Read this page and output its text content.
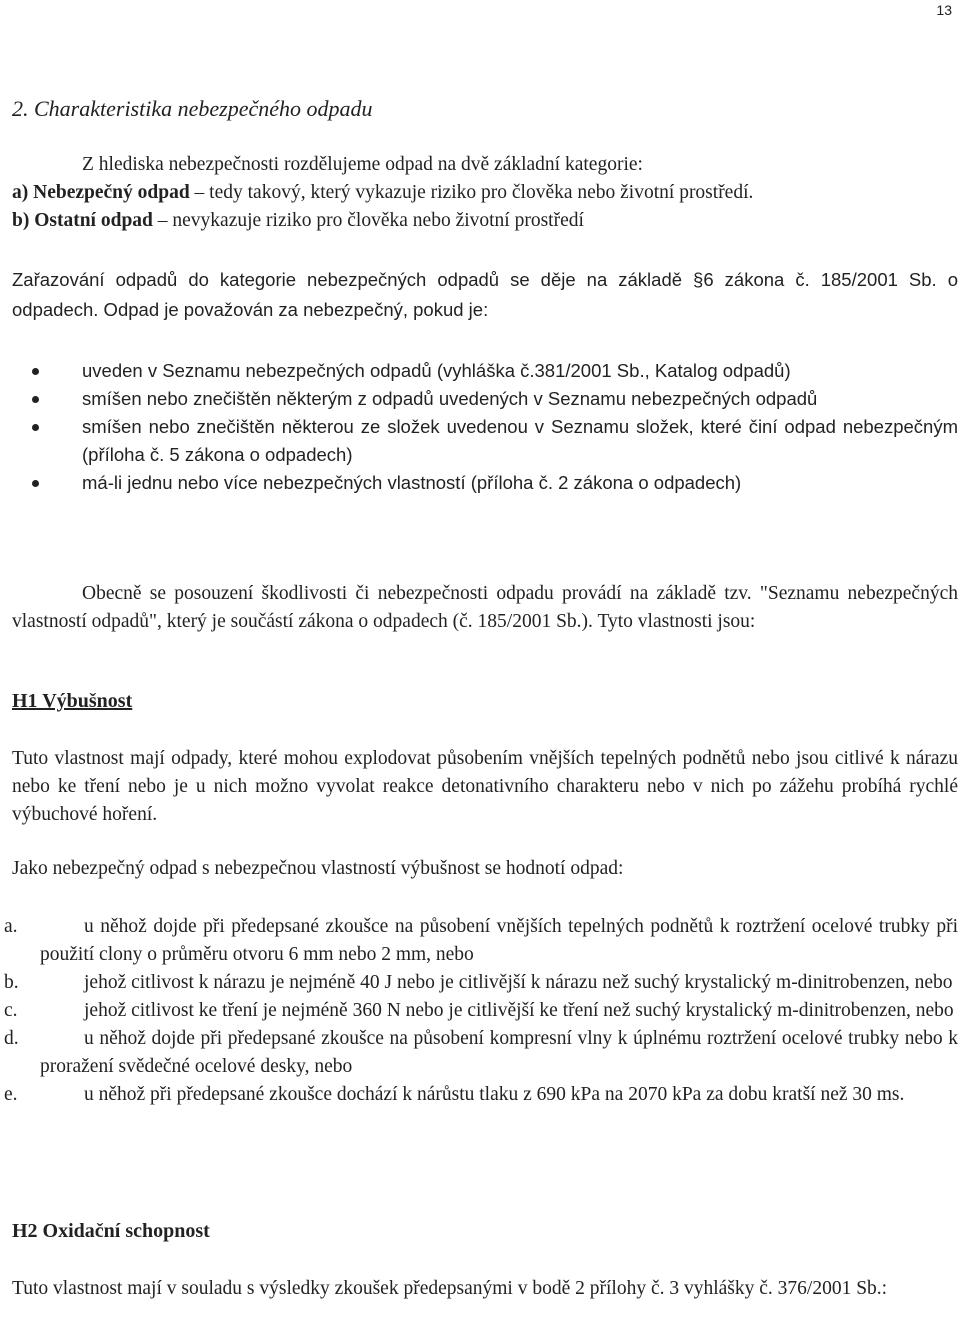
13
2. Charakteristika nebezpečného odpadu
Z hlediska nebezpečnosti rozdělujeme odpad na dvě základní kategorie:
a) Nebezpečný odpad – tedy takový, který vykazuje riziko pro člověka nebo životní prostředí.
b) Ostatní odpad – nevykazuje riziko pro člověka nebo životní prostředí
Zařazování odpadů do kategorie nebezpečných odpadů se děje na základě §6 zákona č. 185/2001 Sb. o odpadech. Odpad je považován za nebezpečný, pokud je:
uveden v Seznamu nebezpečných odpadů (vyhláška č.381/2001 Sb., Katalog odpadů)
smíšen nebo znečištěn některým z odpadů uvedených v Seznamu nebezpečných odpadů
smíšen nebo znečištěn některou ze složek uvedenou v Seznamu složek, které činí odpad nebezpečným (příloha č. 5 zákona o odpadech)
má-li jednu nebo více nebezpečných vlastností (příloha č. 2 zákona o odpadech)
Obecně se posouzení škodlivosti či nebezpečnosti odpadu provádí na základě tzv. "Seznamu nebezpečných vlastností odpadů", který je součástí zákona o odpadech (č. 185/2001 Sb.). Tyto vlastnosti jsou:
H1 Výbušnost
Tuto vlastnost mají odpady, které mohou explodovat působením vnějších tepelných podnětů nebo jsou citlivé k nárazu nebo ke tření nebo je u nich možno vyvolat reakce detonativního charakteru nebo v nich po zážehu probíhá rychlé výbuchové hoření.
Jako nebezpečný odpad s nebezpečnou vlastností výbušnost se hodnotí odpad:
a.	u něhož dojde při předepsané zkoušce na působení vnějších tepelných podnětů k roztržení ocelové trubky při použití clony o průměru otvoru 6 mm nebo 2 mm, nebo
b.	jehož citlivost k nárazu je nejméně 40 J nebo je citlivější k nárazu než suchý krystalický m-dinitrobenzen, nebo
c.	jehož citlivost ke tření je nejméně 360 N nebo je citlivější ke tření než suchý krystalický m-dinitrobenzen, nebo
d.	u něhož dojde při předepsané zkoušce na působení kompresní vlny k úplnému roztržení ocelové trubky nebo k proražení svědečné ocelové desky, nebo
e.	u něhož při předepsané zkoušce dochází k nárůstu tlaku z 690 kPa na 2070 kPa za dobu kratší než 30 ms.
H2 Oxidační schopnost
Tuto vlastnost mají v souladu s výsledky zkoušek předepsanými v bodě 2 přílohy č. 3 vyhlášky č. 376/2001 Sb.:
